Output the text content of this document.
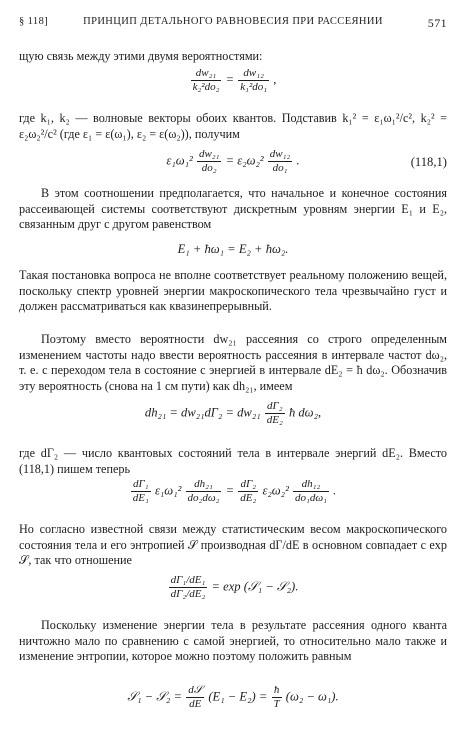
§ 118]	ПРИНЦИП ДЕТАЛЬНОГО РАВНОВЕСИЯ ПРИ РАССЕЯНИИ	571
щую связь между этими двумя вероятностями:
$\frac{\text{dw₂₁}}{\text{k₂²do₂}} = \frac{\text{dw₁₂}}{\text{k₁²do₁}}$ ,
где k₁, k₂ — волновые векторы обоих квантов. Подставив k₁² = ε₁ω₁²/c², k₂² = ε₂ω₂²/c² (где ε₁ = ε(ω₁), ε₂ = ε(ω₂)), получим
$\varepsilon_1\omega_1^2 \frac{\text{dw₂₁}}{\text{do₂}} = \varepsilon_2\omega_2^2 \frac{\text{dw₁₂}}{\text{do₁}}$ .	(118,1)
В этом соотношении предполагается, что начальное и конечное состояния рассеивающей системы соответствуют дискретным уровням энергии E₁ и E₂, связанным друг с другом равенством
E₁ + ħω₁ = E₂ + ħω₂.
Такая постановка вопроса не вполне соответствует реальному положению вещей, поскольку спектр уровней энергии макроскопического тела чрезвычайно густ и должен рассматриваться как квазинепрерывный.
Поэтому вместо вероятности dw₂₁ рассеяния со строго определенным изменением частоты надо ввести вероятность рассеяния в интервале частот dω₂, т. е. с переходом тела в состояние с энергией в интервале dE₂ = ħ dω₂. Обозначив эту вероятность (снова на 1 см пути) как dh₂₁, имеем
$dh_{21} = dw_{21}d\Gamma_2 = dw_{21} \frac{\text{dΓ₂}}{\text{dE₂}}$ ħ dω₂,
где dΓ₂ — число квантовых состояний тела в интервале энергий dE₂. Вместо (118,1) пишем теперь
$\frac{\text{dΓ₁}}{\text{dE₁}} \varepsilon_1\omega_1^2 \frac{\text{dh₂₁}}{\text{do₂dω₂}} = \frac{\text{dΓ₂}}{\text{dE₂}} \varepsilon_2\omega_2^2 \frac{\text{dh₁₂}}{\text{do₁dω₁}}$ .
Но согласно известной связи между статистическим весом макроскопического состояния тела и его энтропией 𝒮 производная dΓ/dE в основном совпадает с exp 𝒮, так что отношение
$\frac{\text{dΓ₁/dE₁}}{\text{dΓ₂/dE₂}} = \exp$ (𝒮₁ − 𝒮₂).
Поскольку изменение энергии тела в результате рассеяния одного кванта ничтожно мало по сравнению с самой энергией, то относительно мало также и изменение энтропии, которое можно поэтому положить равным
𝒮₁ − 𝒮₂ = $\frac{\text{d𝒮}}{dE} (E_1 - E_2) = \frac{ħ}{T} (\omega_2 - \omega_1)$.
